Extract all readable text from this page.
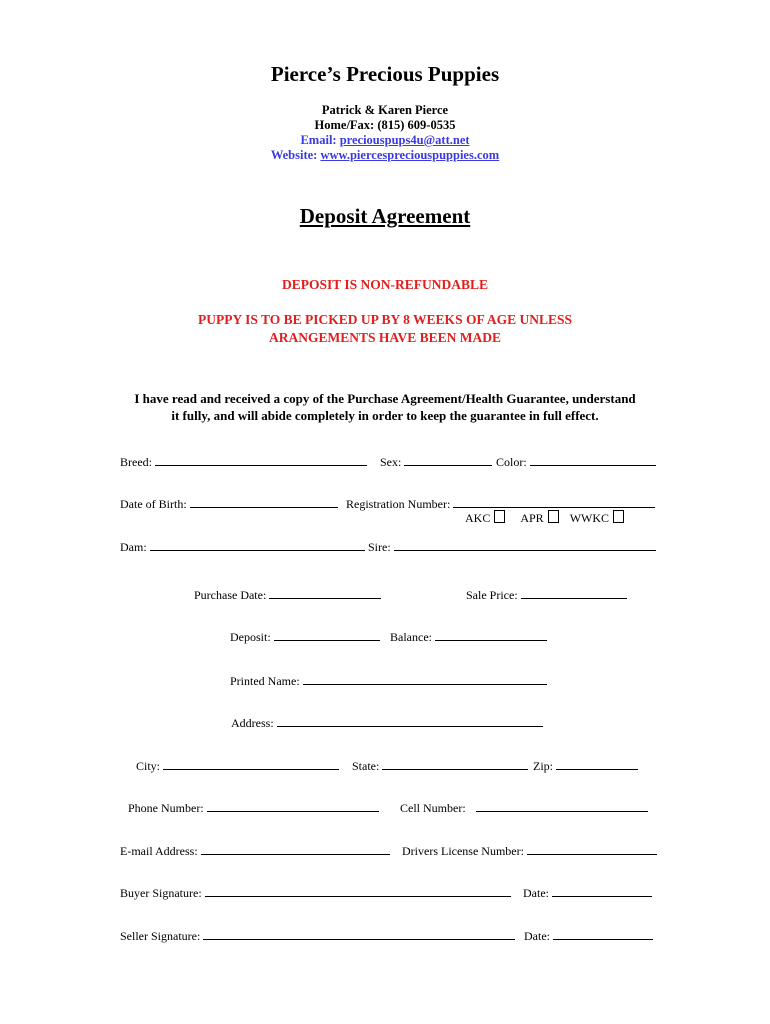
Pierce’s Precious Puppies
Patrick & Karen Pierce
Home/Fax: (815) 609-0535
Email: preciouspups4u@att.net
Website: www.piercespreciouspuppies.com
Deposit Agreement
DEPOSIT IS NON-REFUNDABLE
PUPPY IS TO BE PICKED UP BY 8 WEEKS OF AGE UNLESS
ARANGEMENTS HAVE BEEN MADE
I have read and received a copy of the Purchase Agreement/Health Guarantee, understand
it fully, and will abide completely in order to keep the guarantee in full effect.
Breed:	Sex:	Color:
Date of Birth:	Registration Number:
AKC	APR WWKC
Dam:	Sire:
Purchase Date:	Sale Price:
Deposit:	Balance:
Printed Name:
Address:
City:	State:	Zip:
Phone Number:	Cell Number:
E-mail Address:	Drivers License Number:
Buyer Signature:	Date:
Seller Signature:	Date:
